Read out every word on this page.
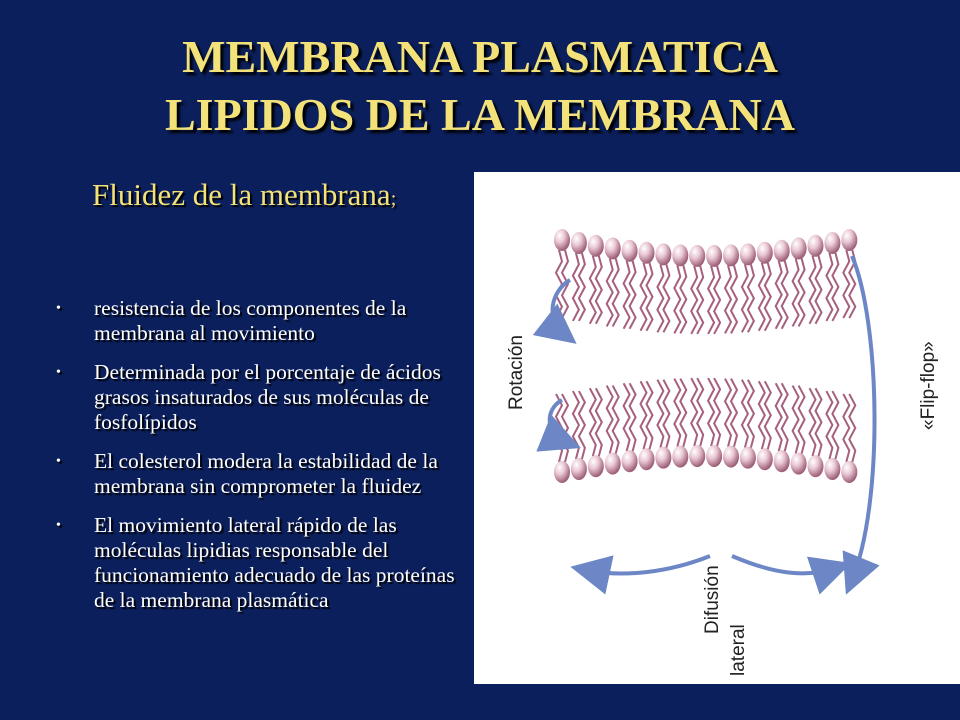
MEMBRANA PLASMATICA
LIPIDOS DE LA MEMBRANA
Fluidez de la membrana;
• resistencia de los componentes de la membrana al movimiento
• Determinada por el porcentaje de ácidos grasos insaturados de sus moléculas de fosfolípidos
• El colesterol modera la estabilidad de la membrana sin comprometer la fluidez
• El movimiento lateral rápido de las moléculas lipidias responsable del funcionamiento adecuado de las proteínas de la membrana plasmática
Rotación	«Flip-flop»
Difusión
lateral
